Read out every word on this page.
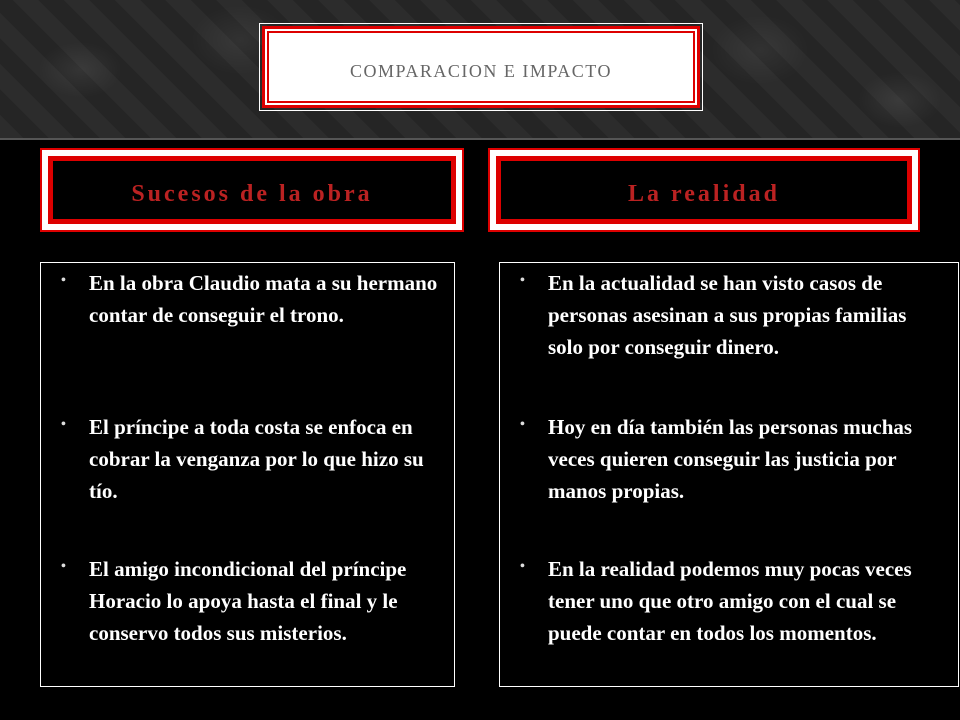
COMPARACION E IMPACTO
Sucesos de la obra	La realidad
• En la obra Claudio mata a su hermano contar de conseguir el trono.
• El príncipe a toda costa se enfoca en cobrar la venganza por lo que hizo su tío.
• El amigo incondicional del príncipe Horacio lo apoya hasta el final y le conservo todos sus misterios.
• En la actualidad se han visto casos de personas asesinan a sus propias familias solo por conseguir dinero.
• Hoy en día también las personas muchas veces quieren conseguir las justicia por manos propias.
• En la realidad podemos muy pocas veces tener uno que otro amigo con el cual se puede contar en todos los momentos.
